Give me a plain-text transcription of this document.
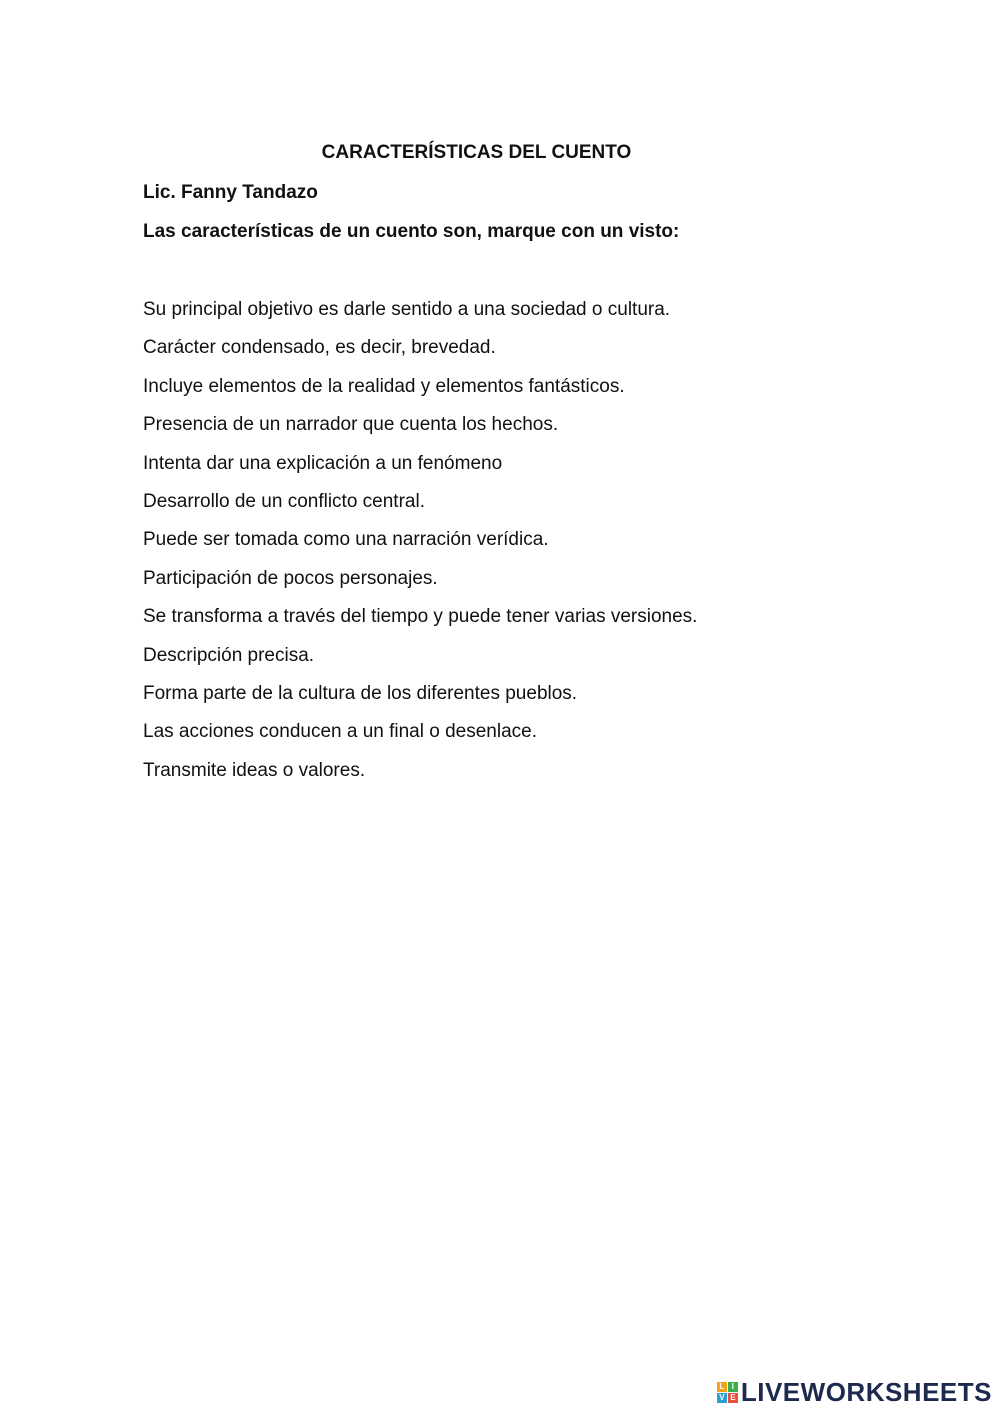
CARACTERÍSTICAS DEL CUENTO
Lic. Fanny Tandazo
Las características de un cuento son, marque con un visto:
Su principal objetivo es darle sentido a una sociedad o cultura.
Carácter condensado, es decir, brevedad.
Incluye elementos de la realidad y elementos fantásticos.
Presencia de un narrador que cuenta los hechos.
Intenta dar una explicación a un fenómeno
Desarrollo de un conflicto central.
Puede ser tomada como una narración verídica.
Participación de pocos personajes.
Se transforma a través del tiempo y puede tener varias versiones.
Descripción precisa.
Forma parte de la cultura de los diferentes pueblos.
Las acciones conducen a un final o desenlace.
Transmite ideas o valores.
L I
V E LIVEWORKSHEETS
